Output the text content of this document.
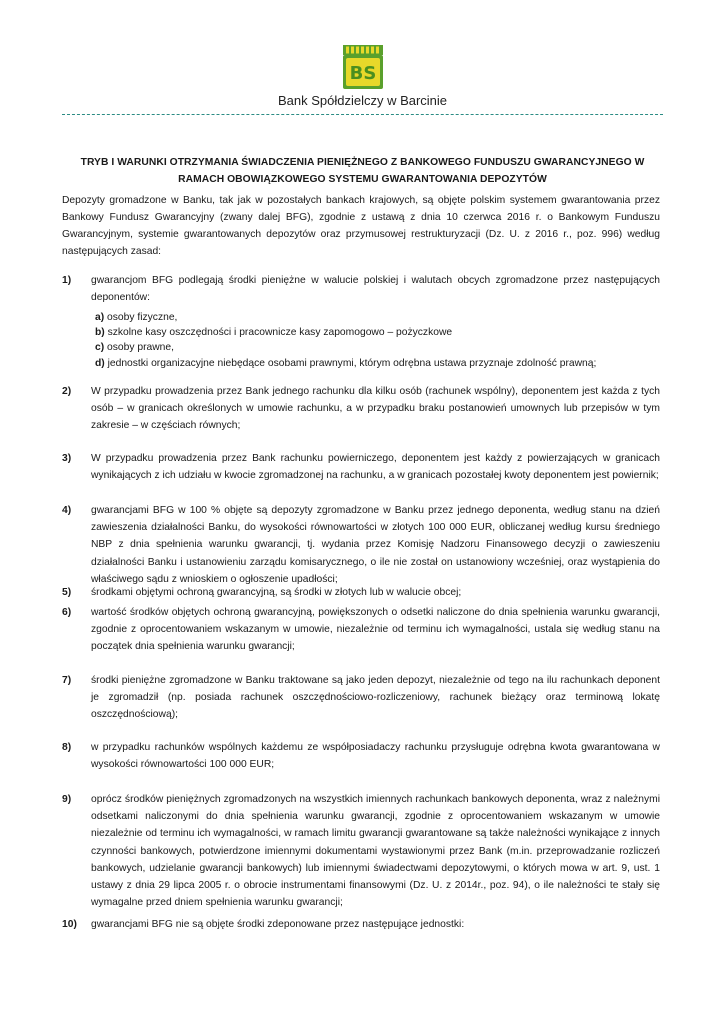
BS
Bank Spółdzielczy w Barcinie
TRYB I WARUNKI OTRZYMANIA ŚWIADCZENIA PIENIĘŻNEGO Z BANKOWEGO FUNDUSZU GWARANCYJNEGO W
RAMACH OBOWIĄZKOWEGO SYSTEMU GWARANTOWANIA DEPOZYTÓW
Depozyty gromadzone w Banku, tak jak w pozostałych bankach krajowych, są objęte polskim systemem gwarantowania przez Bankowy Fundusz Gwarancyjny (zwany dalej BFG), zgodnie z ustawą z dnia 10 czerwca 2016 r. o Bankowym Funduszu Gwarancyjnym, systemie gwarantowanych depozytów oraz przymusowej restrukturyzacji (Dz. U. z 2016 r., poz. 996) według następujących zasad:
1) gwarancjom BFG podlegają środki pieniężne w walucie polskiej i walutach obcych zgromadzone przez następujących deponentów:
a) osoby fizyczne,
b) szkolne kasy oszczędności i pracownicze kasy zapomogowo – pożyczkowe
c) osoby prawne,
d) jednostki organizacyjne niebędące osobami prawnymi, którym odrębna ustawa przyznaje zdolność prawną;
2) W przypadku prowadzenia przez Bank jednego rachunku dla kilku osób (rachunek wspólny), deponentem jest każda z tych osób – w granicach określonych w umowie rachunku, a w przypadku braku postanowień umownych lub przepisów w tym zakresie – w częściach równych;
3) W przypadku prowadzenia przez Bank rachunku powierniczego, deponentem jest każdy z powierzających w granicach wynikających z ich udziału w kwocie zgromadzonej na rachunku, a w granicach pozostałej kwoty deponentem jest powiernik;
4) gwarancjami BFG w 100 % objęte są depozyty zgromadzone w Banku przez jednego deponenta, według stanu na dzień zawieszenia działalności Banku, do wysokości równowartości w złotych 100 000 EUR, obliczanej według kursu średniego NBP z dnia spełnienia warunku gwarancji, tj. wydania przez Komisję Nadzoru Finansowego decyzji o zawieszeniu działalności Banku i ustanowieniu zarządu komisarycznego, o ile nie został on ustanowiony wcześniej, oraz wystąpienia do właściwego sądu z wnioskiem o ogłoszenie upadłości;
5) środkami objętymi ochroną gwarancyjną, są środki w złotych lub w walucie obcej;
6) wartość środków objętych ochroną gwarancyjną, powiększonych o odsetki naliczone do dnia spełnienia warunku gwarancji, zgodnie z oprocentowaniem wskazanym w umowie, niezależnie od terminu ich wymagalności, ustala się według stanu na początek dnia spełnienia warunku gwarancji;
7) środki pieniężne zgromadzone w Banku traktowane są jako jeden depozyt, niezależnie od tego na ilu rachunkach deponent je zgromadził (np. posiada rachunek oszczędnościowo-rozliczeniowy, rachunek bieżący oraz terminową lokatę oszczędnościową);
8) w przypadku rachunków wspólnych każdemu ze współposiadaczy rachunku przysługuje odrębna kwota gwarantowana w wysokości równowartości 100 000 EUR;
9) oprócz środków pieniężnych zgromadzonych na wszystkich imiennych rachunkach bankowych deponenta, wraz z należnymi odsetkami naliczonymi do dnia spełnienia warunku gwarancji, zgodnie z oprocentowaniem wskazanym w umowie niezależnie od terminu ich wymagalności, w ramach limitu gwarancji gwarantowane są także należności wynikające z innych czynności bankowych, potwierdzone imiennymi dokumentami wystawionymi przez Bank (m.in. przeprowadzanie rozliczeń bankowych, udzielanie gwarancji bankowych) lub imiennymi świadectwami depozytowymi, o których mowa w art. 9, ust. 1 ustawy z dnia 29 lipca 2005 r. o obrocie instrumentami finansowymi (Dz. U. z 2014r., poz. 94), o ile należności te stały się wymagalne przed dniem spełnienia warunku gwarancji;
10) gwarancjami BFG nie są objęte środki zdeponowane przez następujące jednostki:
